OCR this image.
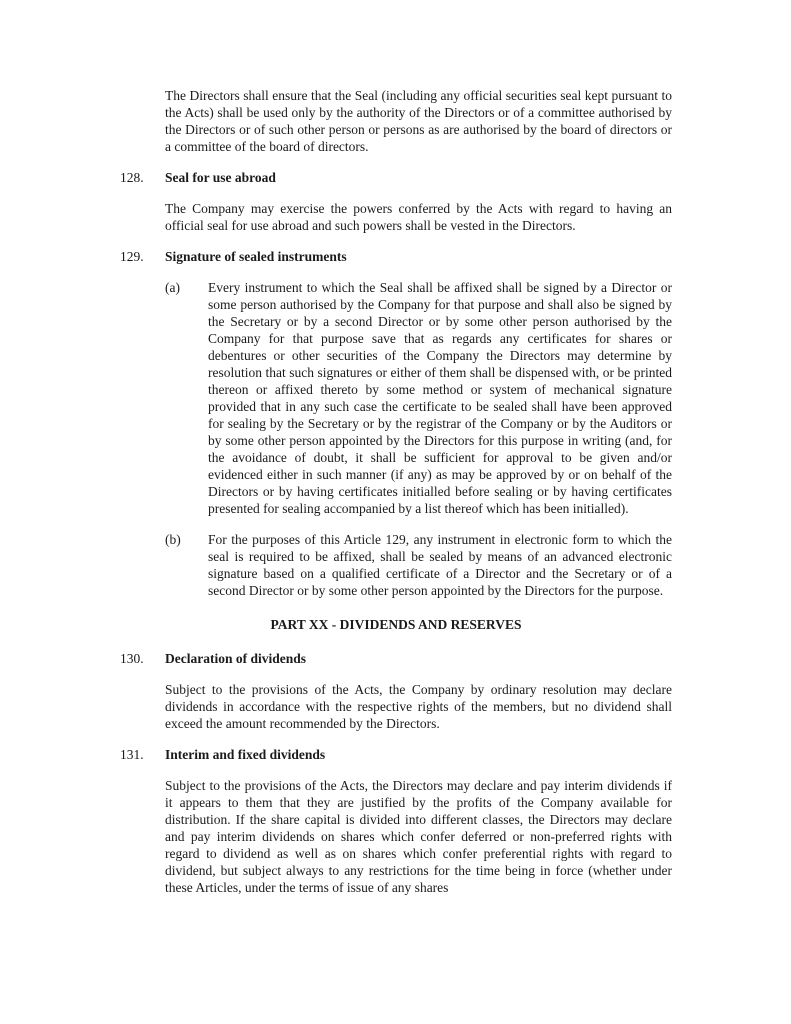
The Directors shall ensure that the Seal (including any official securities seal kept pursuant to the Acts) shall be used only by the authority of the Directors or of a committee authorised by the Directors or of such other person or persons as are authorised by the board of directors or a committee of the board of directors.

128.	Seal for use abroad

The Company may exercise the powers conferred by the Acts with regard to having an official seal for use abroad and such powers shall be vested in the Directors.

129.	Signature of sealed instruments
(a)	Every instrument to which the Seal shall be affixed shall be signed by a Director or some person authorised by the Company for that purpose and shall also be signed by the Secretary or by a second Director or by some other person authorised by the Company for that purpose save that as regards any certificates for shares or debentures or other securities of the Company the Directors may determine by resolution that such signatures or either of them shall be dispensed with, or be printed thereon or affixed thereto by some method or system of mechanical signature provided that in any such case the certificate to be sealed shall have been approved for sealing by the Secretary or by the registrar of the Company or by the Auditors or by some other person appointed by the Directors for this purpose in writing (and, for the avoidance of doubt, it shall be sufficient for approval to be given and/or evidenced either in such manner (if any) as may be approved by or on behalf of the Directors or by having certificates initialled before sealing or by having certificates presented for sealing accompanied by a list thereof which has been initialled).

(b)	For the purposes of this Article 129, any instrument in electronic form to which the seal is required to be affixed, shall be sealed by means of an advanced electronic signature based on a qualified certificate of a Director and the Secretary or of a second Director or by some other person appointed by the Directors for the purpose.

PART XX - DIVIDENDS AND RESERVES
130.	Declaration of dividends

Subject to the provisions of the Acts, the Company by ordinary resolution may declare dividends in accordance with the respective rights of the members, but no dividend shall exceed the amount recommended by the Directors.

131.	Interim and fixed dividends

Subject to the provisions of the Acts, the Directors may declare and pay interim dividends if it appears to them that they are justified by the profits of the Company available for distribution. If the share capital is divided into different classes, the Directors may declare and pay interim dividends on shares which confer deferred or non-preferred rights with regard to dividend as well as on shares which confer preferential rights with regard to dividend, but subject always to any restrictions for the time being in force (whether under these Articles, under the terms of issue of any shares
